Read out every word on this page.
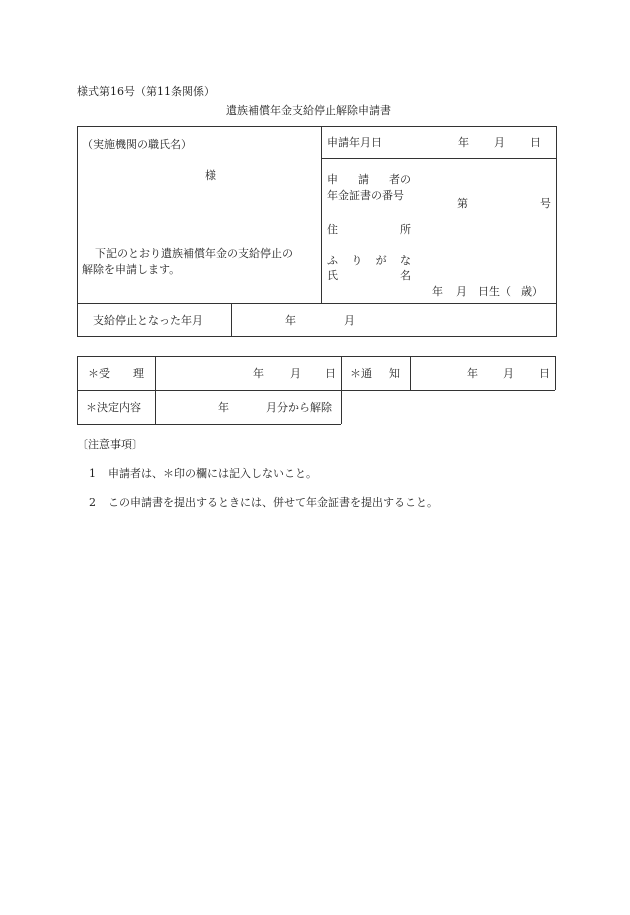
様式第16号（第11条関係）
遺族補償年金支給停止解除申請書
（実施機関の職氏名）
様
下記のとおり遺族補償年金の支給停止の
解除を申請します。
申請年月日	年 月 日
申 請 者の
年金証書の番号
第	号
住	所
ふ り が な
氏	名
年 月 日生（ 歳）
支給停止となった年月	年	月
＊受 理	年 月 日 ＊通 知	年 月 日
＊決定内容	年	月分から解除
〔注意事項〕
1 申請者は、＊印の欄には記入しないこと。
2 この申請書を提出するときには、併せて年金証書を提出すること。
